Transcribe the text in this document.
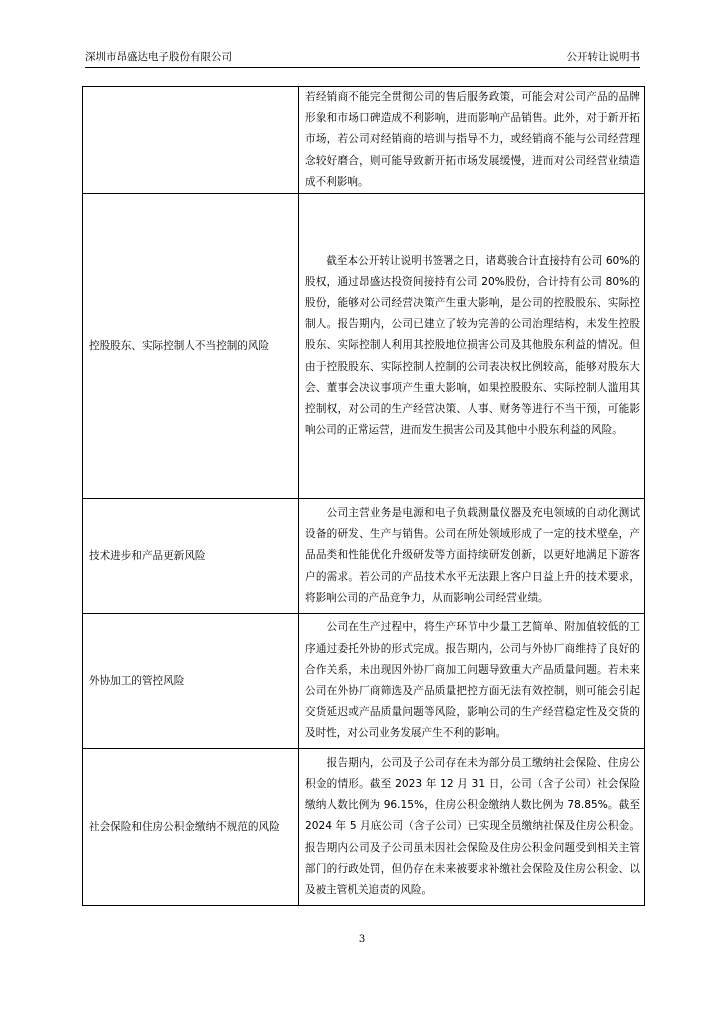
深圳市昂盛达电子股份有限公司	公开转让说明书
	若经销商不能完全贯彻公司的售后服务政策，可能会对公司产品的品牌形象和市场口碑造成不利影响，进而影响产品销售。此外，对于新开拓市场，若公司对经销商的培训与指导不力，或经销商不能与公司经营理念较好磨合，则可能导致新开拓市场发展缓慢，进而对公司经营业绩造成不利影响。
控股股东、实际控制人不当控制的风险	　　截至本公开转让说明书签署之日，诸葛骏合计直接持有公司 60%的股权，通过昂盛达投资间接持有公司 20%股份，合计持有公司 80%的股份，能够对公司经营决策产生重大影响，是公司的控股股东、实际控制人。报告期内，公司已建立了较为完善的公司治理结构，未发生控股股东、实际控制人利用其控股地位损害公司及其他股东利益的情况。但由于控股股东、实际控制人控制的公司表决权比例较高，能够对股东大会、董事会决议事项产生重大影响，如果控股股东、实际控制人滥用其控制权，对公司的生产经营决策、人事、财务等进行不当干预，可能影响公司的正常运营，进而发生损害公司及其他中小股东利益的风险。
技术进步和产品更新风险	　　公司主营业务是电源和电子负载测量仪器及充电领域的自动化测试设备的研发、生产与销售。公司在所处领域形成了一定的技术壁垒，产品品类和性能优化升级研发等方面持续研发创新，以更好地满足下游客户的需求。若公司的产品技术水平无法跟上客户日益上升的技术要求，将影响公司的产品竞争力，从而影响公司经营业绩。
外协加工的管控风险	　　公司在生产过程中，将生产环节中少量工艺简单、附加值较低的工序通过委托外协的形式完成。报告期内，公司与外协厂商维持了良好的合作关系，未出现因外协厂商加工问题导致重大产品质量问题。若未来公司在外协厂商筛选及产品质量把控方面无法有效控制，则可能会引起交货延迟或产品质量问题等风险，影响公司的生产经营稳定性及交货的及时性，对公司业务发展产生不利的影响。
社会保险和住房公积金缴纳不规范的风险	　　报告期内，公司及子公司存在未为部分员工缴纳社会保险、住房公积金的情形。截至 2023 年 12 月 31 日，公司（含子公司）社会保险缴纳人数比例为 96.15%，住房公积金缴纳人数比例为 78.85%。截至 2024 年 5 月底公司（含子公司）已实现全员缴纳社保及住房公积金。报告期内公司及子公司虽未因社会保险及住房公积金问题受到相关主管部门的行政处罚，但仍存在未来被要求补缴社会保险及住房公积金、以及被主管机关追责的风险。
3
